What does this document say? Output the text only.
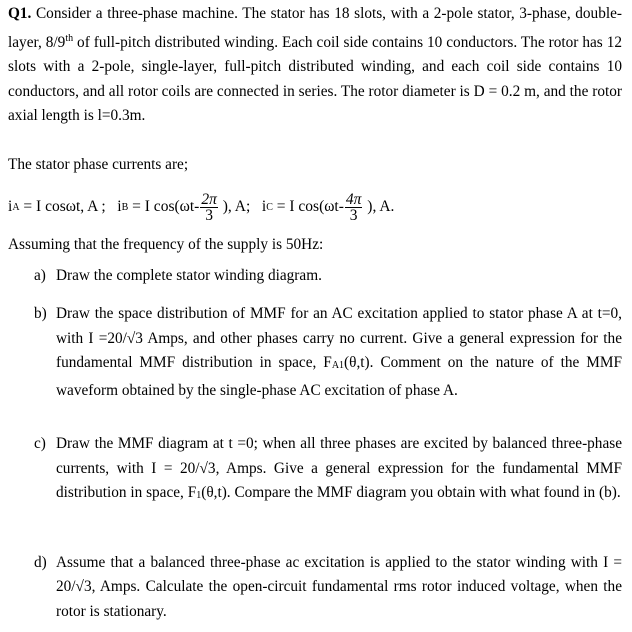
Q1. Consider a three-phase machine. The stator has 18 slots, with a 2-pole stator, 3-phase, double-layer, 8/9th of full-pitch distributed winding. Each coil side contains 10 conductors. The rotor has 12 slots with a 2-pole, single-layer, full-pitch distributed winding, and each coil side contains 10 conductors, and all rotor coils are connected in series. The rotor diameter is D = 0.2 m, and the rotor axial length is l=0.3m.

The stator phase currents are;

i A = I cosωt, A ; i B = I $\cos(\omega t- \frac{2\pi}{3}$ ), A; i C = I $\cos(\omega t- \frac{4\pi}{3}$ ), A.

Assuming that the frequency of the supply is 50Hz:

a) Draw the complete stator winding diagram.

b) Draw the space distribution of MMF for an AC excitation applied to stator phase A at t=0, with I =20/√3 Amps, and other phases carry no current. Give a general expression for the fundamental MMF distribution in space, $F_{A1}(\theta,t)$. Comment on the nature of the MMF waveform obtained by the single-phase AC excitation of phase A.

c) Draw the MMF diagram at t =0; when all three phases are excited by balanced three-phase currents, with I = 20/√3, Amps. Give a general expression for the fundamental MMF distribution in space, $F_1(\theta,t)$. Compare the MMF diagram you obtain with what found in (b).

d) Assume that a balanced three-phase ac excitation is applied to the stator winding with I = 20/√3, Amps. Calculate the open-circuit fundamental rms rotor induced voltage, when the rotor is stationary.
